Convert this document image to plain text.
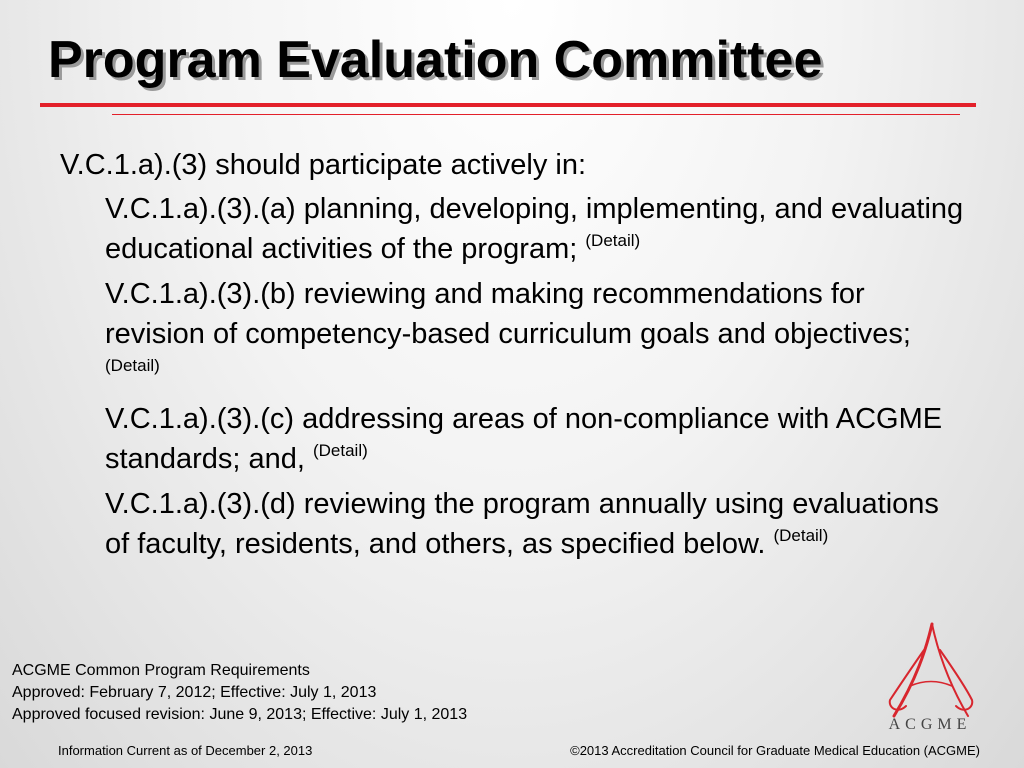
Program Evaluation Committee
V.C.1.a).(3) should participate actively in:
V.C.1.a).(3).(a) planning, developing, implementing, and evaluating educational activities of the program; $^{(Detail)}$
V.C.1.a).(3).(b) reviewing and making recommendations for revision of competency-based curriculum goals and objectives; $^{(Detail)}$
V.C.1.a).(3).(c) addressing areas of non-compliance with ACGME standards; and, $^{(Detail)}$
V.C.1.a).(3).(d) reviewing the program annually using evaluations of faculty, residents, and others, as specified below. $^{(Detail)}$
ACGME Common Program Requirements
Approved: February 7, 2012; Effective: July 1, 2013
Approved focused revision: June 9, 2013; Effective: July 1, 2013
Information Current as of December 2, 2013	©2013 Accreditation Council for Graduate Medical Education (ACGME)
ACGME
